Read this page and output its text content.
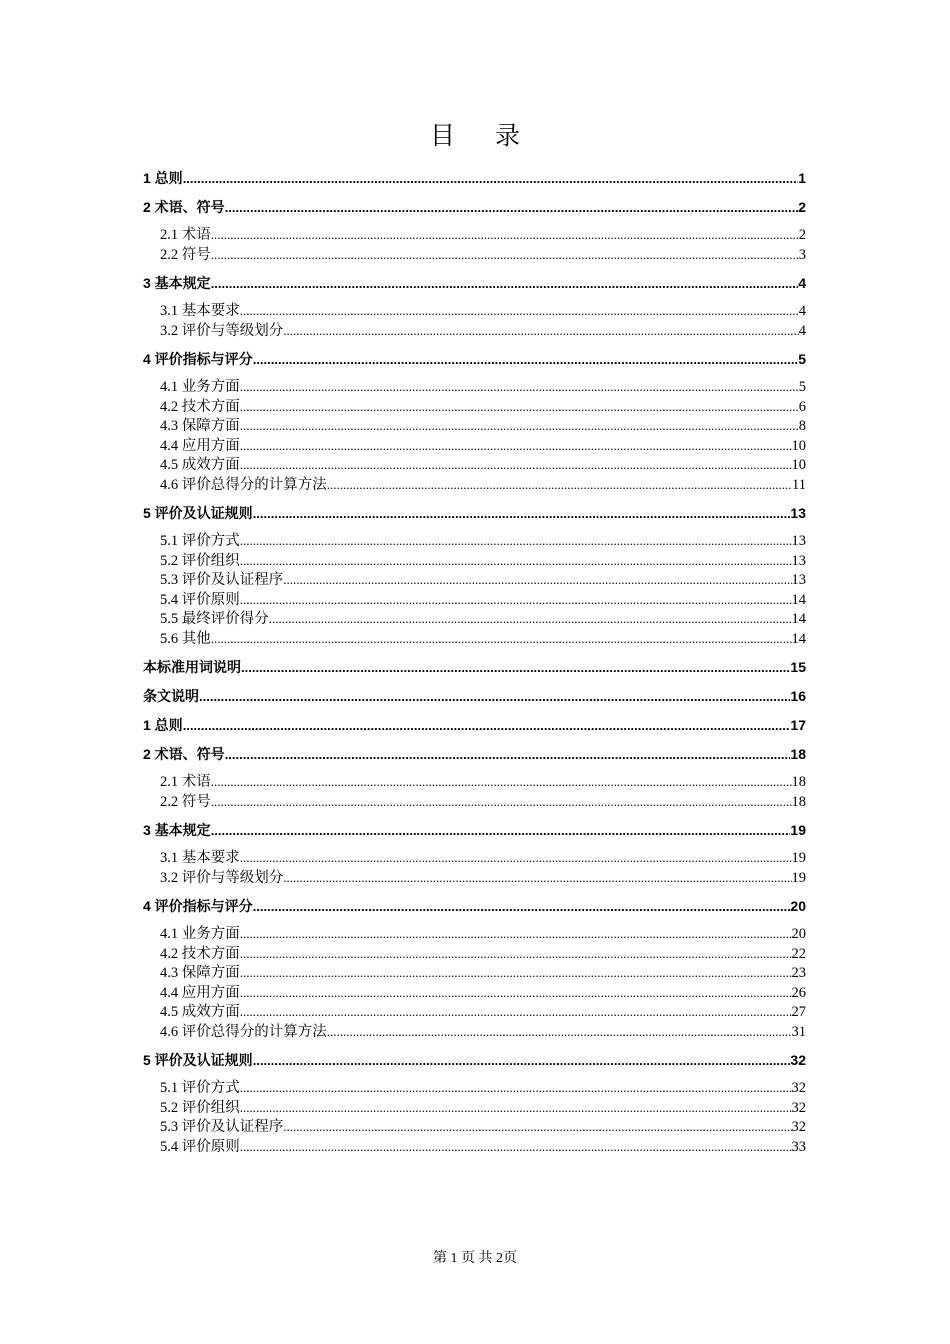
目 录
1 总则 .....	1
2 术语、符号 .....	2
2.1 术语 .....	2
2.2 符号 .....	3
3 基本规定 .....	4
3.1 基本要求 .....	4
3.2 评价与等级划分 .....	4
4 评价指标与评分 .....	5
4.1 业务方面 .....	5
4.2 技术方面 .....	6
4.3 保障方面 .....	8
4.4 应用方面 .....	10
4.5 成效方面 .....	10
4.6 评价总得分的计算方法 .....	11
5 评价及认证规则 .....	13
5.1 评价方式 .....	13
5.2 评价组织 .....	13
5.3 评价及认证程序 .....	13
5.4 评价原则 .....	14
5.5 最终评价得分 .....	14
5.6 其他 .....	14
本标准用词说明 .....	15
条文说明 .....	16
1 总则 .....	17
2 术语、符号 .....	18
2.1 术语 .....	18
2.2 符号 .....	18
3 基本规定 .....	19
3.1 基本要求 .....	19
3.2 评价与等级划分 .....	19
4 评价指标与评分 .....	20
4.1 业务方面 .....	20
4.2 技术方面 .....	22
4.3 保障方面 .....	23
4.4 应用方面 .....	26
4.5 成效方面 .....	27
4.6 评价总得分的计算方法 .....	31
5 评价及认证规则 .....	32
5.1 评价方式 .....	32
5.2 评价组织 .....	32
5.3 评价及认证程序 .....	32
5.4 评价原则 .....	33
第 1 页 共 2页
